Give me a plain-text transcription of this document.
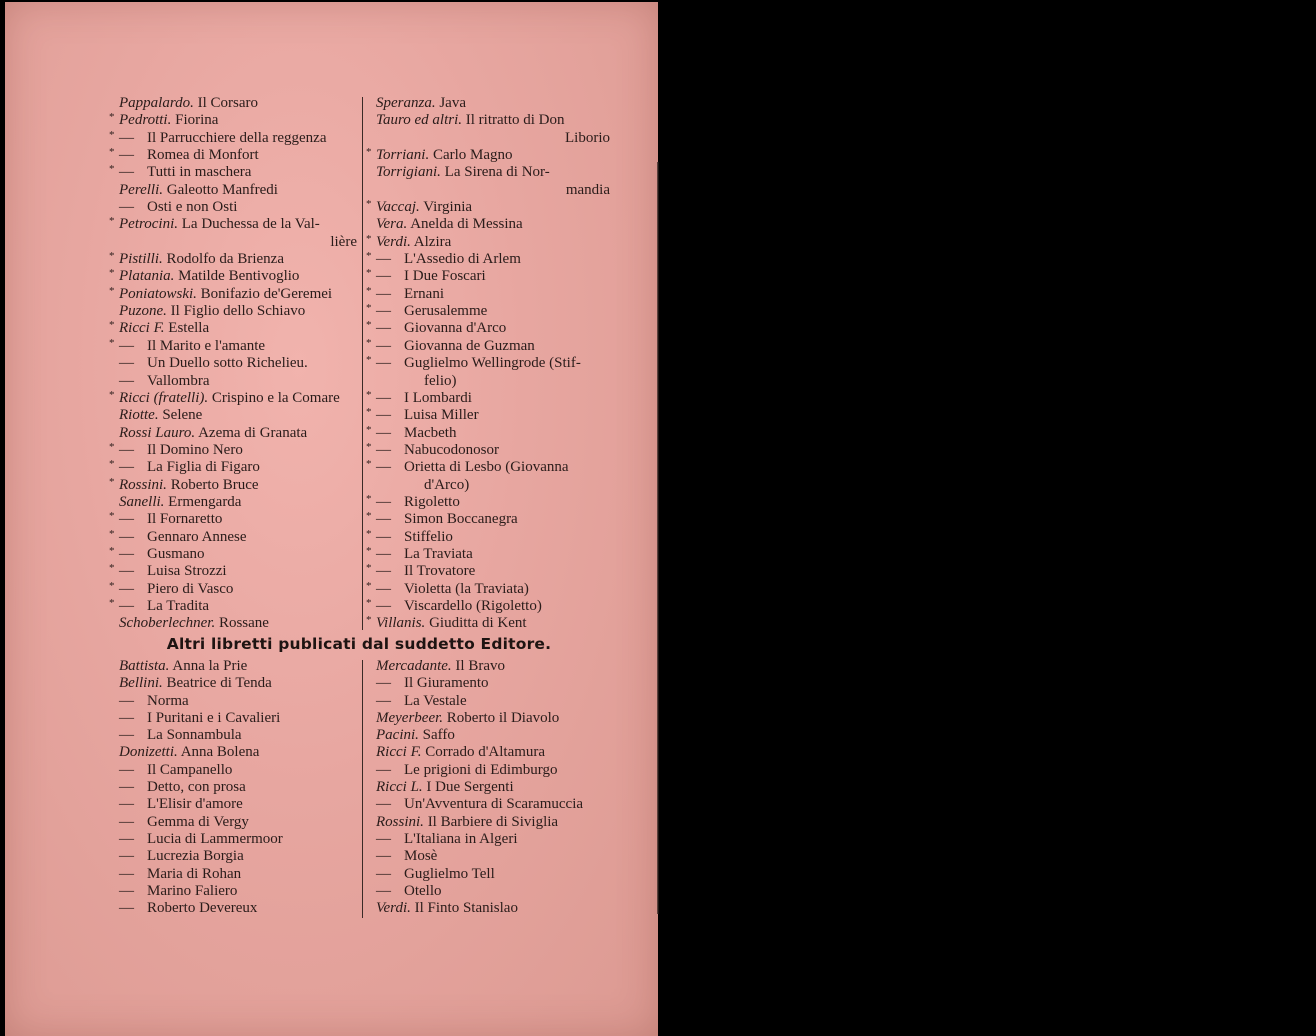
Pappalardo. Il Corsaro
* Pedrotti. Fiorina
* — Il Parrucchiere della reggenza
* — Romea di Monfort
* — Tutti in maschera
Perelli. Galeotto Manfredi
— Osti e non Osti
* Petrocini. La Duchessa de la Val-
lière
* Pistilli. Rodolfo da Brienza
* Platania. Matilde Bentivoglio
* Poniatowski. Bonifazio de'Geremei
Puzone. Il Figlio dello Schiavo
* Ricci F. Estella
* — Il Marito e l'amante
— Un Duello sotto Richelieu.
— Vallombra
* Ricci (fratelli). Crispino e la Comare
Riotte. Selene
Rossi Lauro. Azema di Granata
* — Il Domino Nero
* — La Figlia di Figaro
* Rossini. Roberto Bruce
Sanelli. Ermengarda
* — Il Fornaretto
* — Gennaro Annese
* — Gusmano
* — Luisa Strozzi
* — Piero di Vasco
* — La Tradita
Schoberlechner. Rossane
Speranza. Java
Tauro ed altri. Il ritratto di Don
Liborio
* Torriani. Carlo Magno
Torrigiani. La Sirena di Nor-
mandia
* Vaccaj. Virginia
Vera. Anelda di Messina
* Verdi. Alzira
* — L'Assedio di Arlem
* — I Due Foscari
* — Ernani
* — Gerusalemme
* — Giovanna d'Arco
* — Giovanna de Guzman
* — Guglielmo Wellingrode (Stif-
felio)
* — I Lombardi
* — Luisa Miller
* — Macbeth
* — Nabucodonosor
* — Orietta di Lesbo (Giovanna
d'Arco)
* — Rigoletto
* — Simon Boccanegra
* — Stiffelio
* — La Traviata
* — Il Trovatore
* — Violetta (la Traviata)
* — Viscardello (Rigoletto)
* Villanis. Giuditta di Kent
Altri libretti publicati dal suddetto Editore.
Battista. Anna la Prie
Bellini. Beatrice di Tenda
— Norma
— I Puritani e i Cavalieri
— La Sonnambula
Donizetti. Anna Bolena
— Il Campanello
— Detto, con prosa
— L'Elisir d'amore
— Gemma di Vergy
— Lucia di Lammermoor
— Lucrezia Borgia
— Maria di Rohan
— Marino Faliero
— Roberto Devereux
Mercadante. Il Bravo
— Il Giuramento
— La Vestale
Meyerbeer. Roberto il Diavolo
Pacini. Saffo
Ricci F. Corrado d'Altamura
— Le prigioni di Edimburgo
Ricci L. I Due Sergenti
— Un'Avventura di Scaramuccia
Rossini. Il Barbiere di Siviglia
— L'Italiana in Algeri
— Mosè
— Guglielmo Tell
— Otello
Verdi. Il Finto Stanislao
